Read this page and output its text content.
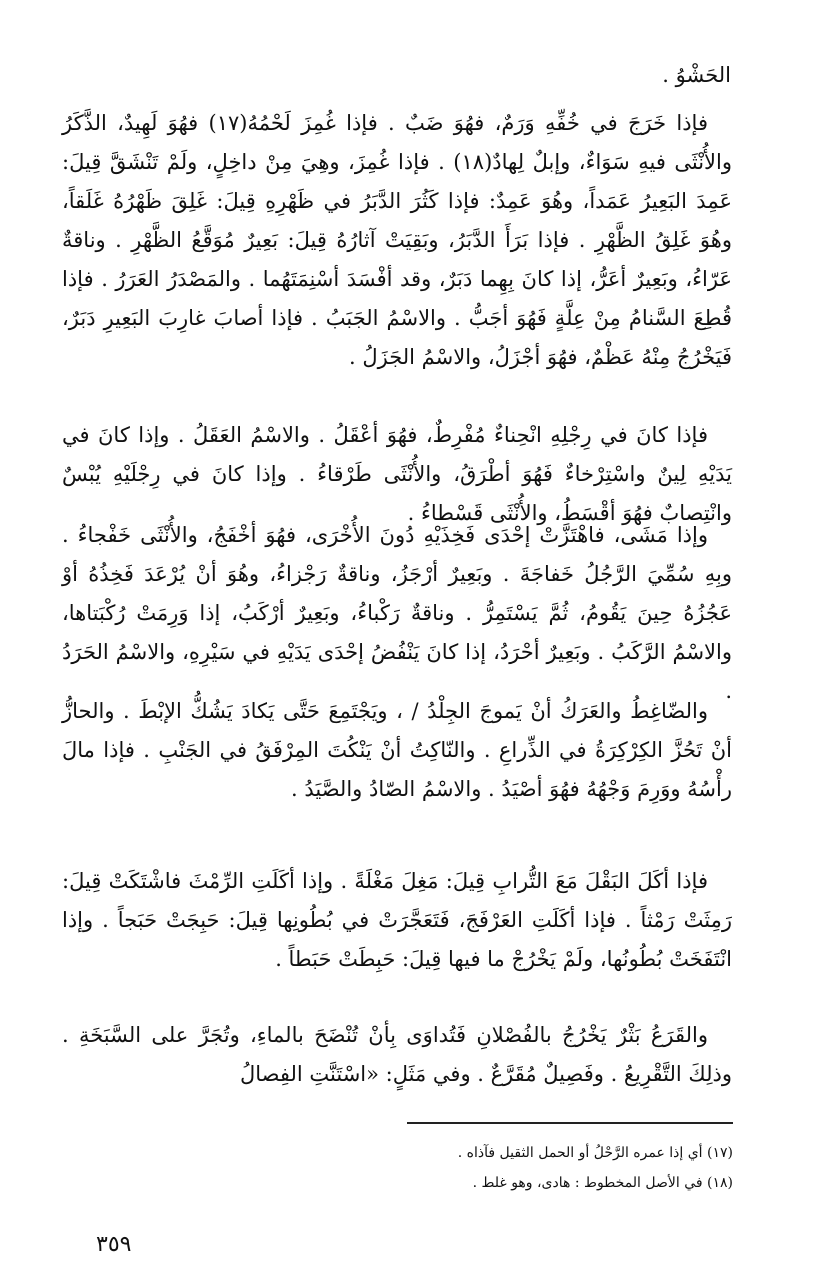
الحَشْوُ .

فإذا خَرَجَ في خُفِّهِ وَرَمٌ، فهُوَ ضَبٌ . فإذا غُمِزَ لَحْمُهُ(١٧) فهُوَ لَهِيدٌ، الذَّكَرُ والأُنْثَى فيهِ سَوَاءٌ، وإبلٌ لِهادٌ(١٨) . فإذا غُمِزَ، وهِيَ مِنْ داخِلٍ، ولَمْ تَنْشَقَّ قِيلَ: عَمِدَ البَعِيرُ عَمَداً، وهُوَ عَمِدٌ: فإذا كَثُرَ الدَّبَرُ في ظَهْرِهِ قِيلَ: غَلِقَ ظَهْرُهُ غَلَقاً، وهُوَ غَلِقُ الظَّهْرِ . فإذا بَرَأَ الدَّبَرُ، وبَقِيَتْ آثارُهُ قِيلَ: بَعِيرٌ مُوَقَّعُ الظَّهْرِ . وناقةٌ عَرّاءُ، وبَعِيرٌ أعَرُّ، إذا كانَ بِهِما دَبَرٌ، وقد أفْسَدَ أسْنِمَتَهُما . والمَصْدَرُ العَرَرُ . فإذا قُطِعَ السَّنامُ مِنْ عِلَّةٍ فَهُوَ أجَبُّ . والاسْمُ الجَبَبُ . فإذا أصابَ غارِبَ البَعِيرِ دَبَرٌ، فَيَخْرُجُ مِنْهُ عَظْمٌ، فهُوَ أجْزَلُ، والاسْمُ الجَزَلُ .

فإذا كانَ في رِجْلِهِ انْحِناءٌ مُفْرِطٌ، فهُوَ أعْقَلُ . والاسْمُ العَقَلُ . وإذا كانَ في يَدَيْهِ لِينٌ واسْتِرْخاءٌ فَهُوَ أطْرَقُ، والأُنْثَى طَرْقاءُ . وإذا كانَ في رِجْلَيْهِ يُبْسٌ وانْتِصابٌ فهُوَ أقْسَطُ، والأُنْثَى قَسْطاءُ .

وإذا مَشَى، فاهْتَزَّتْ إحْدَى فَخِذَيْهِ دُونَ الأُخْرَى، فهُوَ أخْفَجُ، والأُنْثَى خَفْجاءُ . وبِهِ سُمِّيَ الرَّجُلُ خَفاجَةَ . وبَعِيرٌ أرْجَزُ، وناقةٌ رَجْزاءُ، وهُوَ أنْ يُرْعَدَ فَخِذُهُ أوْ عَجُزُهُ حِينَ يَقُومُ، ثُمَّ يَسْتَمِرُّ . وناقةٌ رَكْباءُ، وبَعِيرٌ أرْكَبُ، إذا وَرِمَتْ رُكْبَتاها، والاسْمُ الرَّكَبُ . وبَعِيرٌ أحْرَدُ، إذا كانَ يَنْفُضُ إحْدَى يَدَيْهِ في سَيْرِهِ، والاسْمُ الحَرَدُ .

والضّاغِطُ والعَرَكُ أنْ يَموجَ الجِلْدُ / ، ويَجْتَمِعَ حَتَّى يَكادَ يَشُكُّ الإبْطَ . والحازُّ أنْ تَحُزَّ الكِرْكِرَةُ في الذِّراعِ . والنّاكِتُ أنْ يَنْكُتَ المِرْفَقُ في الجَنْبِ . فإذا مالَ رأْسُهُ ووَرِمَ وَجْهُهُ فهُوَ أصْيَدُ . والاسْمُ الصّادُ والصَّيَدُ .

فإذا أكَلَ البَقْلَ مَعَ التُّرابِ قِيلَ: مَغِلَ مَغْلَةً . وإذا أكَلَتِ الرِّمْثَ فاشْتَكَتْ قِيلَ: رَمِثَتْ رَمْثاً . فإذا أكَلَتِ العَرْفَجَ، فَتَعَجَّرَتْ في بُطُونِها قِيلَ: حَبِجَتْ حَبَجاً . وإذا انْتَفَخَتْ بُطُونُها، ولَمْ يَخْرُجْ ما فيها قِيلَ: حَبِطَتْ حَبَطاً .

والقَرَعُ بَثْرٌ يَخْرُجُ بالفُصْلانِ فَتُداوَى بِأنْ تُنْضَحَ بالماءِ، وتُجَرَّ على السَّبَخَةِ . وذلِكَ التَّقْرِيعُ . وفَصِيلٌ مُقَرَّعٌ . وفي مَثَلٍ: «اسْتَنَّتِ الفِصالُ

(١٧) أي إذا عمره الرَّحْلُ أو الحمل الثقيل فآذاه .

(١٨) في الأصل المخطوط : هادى، وهو غلط .

٣٥٩
